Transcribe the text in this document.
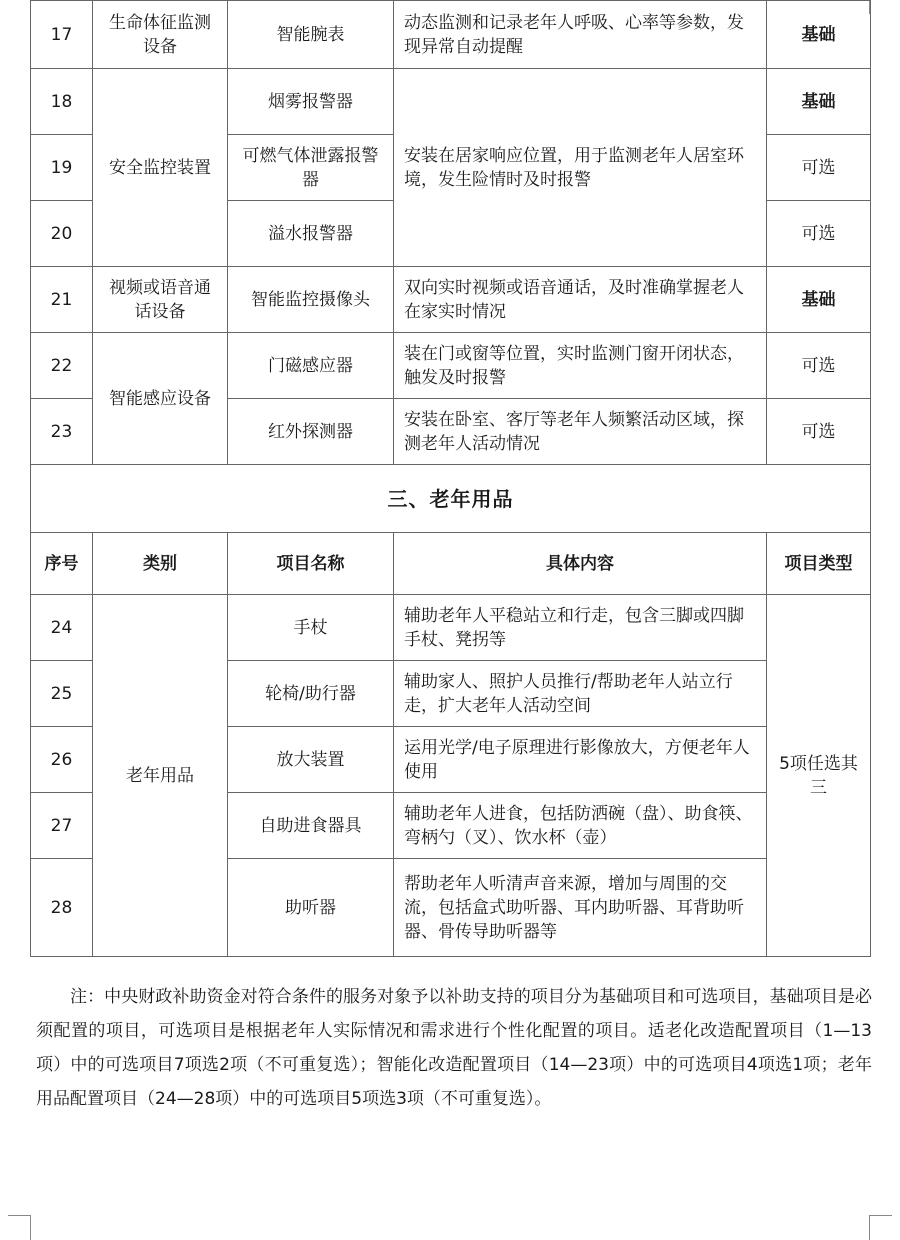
17	生命体征监测设备	智能腕表	动态监测和记录老年人呼吸、心率等参数，发现异常自动提醒	基础
18	安全监控装置	烟雾报警器	安装在居家响应位置，用于监测老年人居室环境，发生险情时及时报警	基础
19		可燃气体泄露报警器		可选
20		溢水报警器		可选
21	视频或语音通话设备	智能监控摄像头	双向实时视频或语音通话，及时准确掌握老人在家实时情况	基础
22	智能感应设备	门磁感应器	装在门或窗等位置，实时监测门窗开闭状态，触发及时报警	可选
23		红外探测器	安装在卧室、客厅等老年人频繁活动区域，探测老年人活动情况	可选
三、老年用品				
序号	类别	项目名称	具体内容	项目类型
24	老年用品	手杖	辅助老年人平稳站立和行走，包含三脚或四脚手杖、凳拐等	5项任选其三
25		轮椅/助行器	辅助家人、照护人员推行/帮助老年人站立行走，扩大老年人活动空间	
26		放大装置	运用光学/电子原理进行影像放大，方便老年人使用	
27		自助进食器具	辅助老年人进食，包括防洒碗（盘）、助食筷、弯柄勺（叉）、饮水杯（壶）	
28		助听器	帮助老年人听清声音来源，增加与周围的交流，包括盒式助听器、耳内助听器、耳背助听器、骨传导助听器等	

注：中央财政补助资金对符合条件的服务对象予以补助支持的项目分为基础项目和可选项目，基础项目是必须配置的项目，可选项目是根据老年人实际情况和需求进行个性化配置的项目。适老化改造配置项目（1—13项）中的可选项目7项选2项（不可重复选）；智能化改造配置项目（14—23项）中的可选项目4项选1项；老年用品配置项目（24—28项）中的可选项目5项选3项（不可重复选）。
